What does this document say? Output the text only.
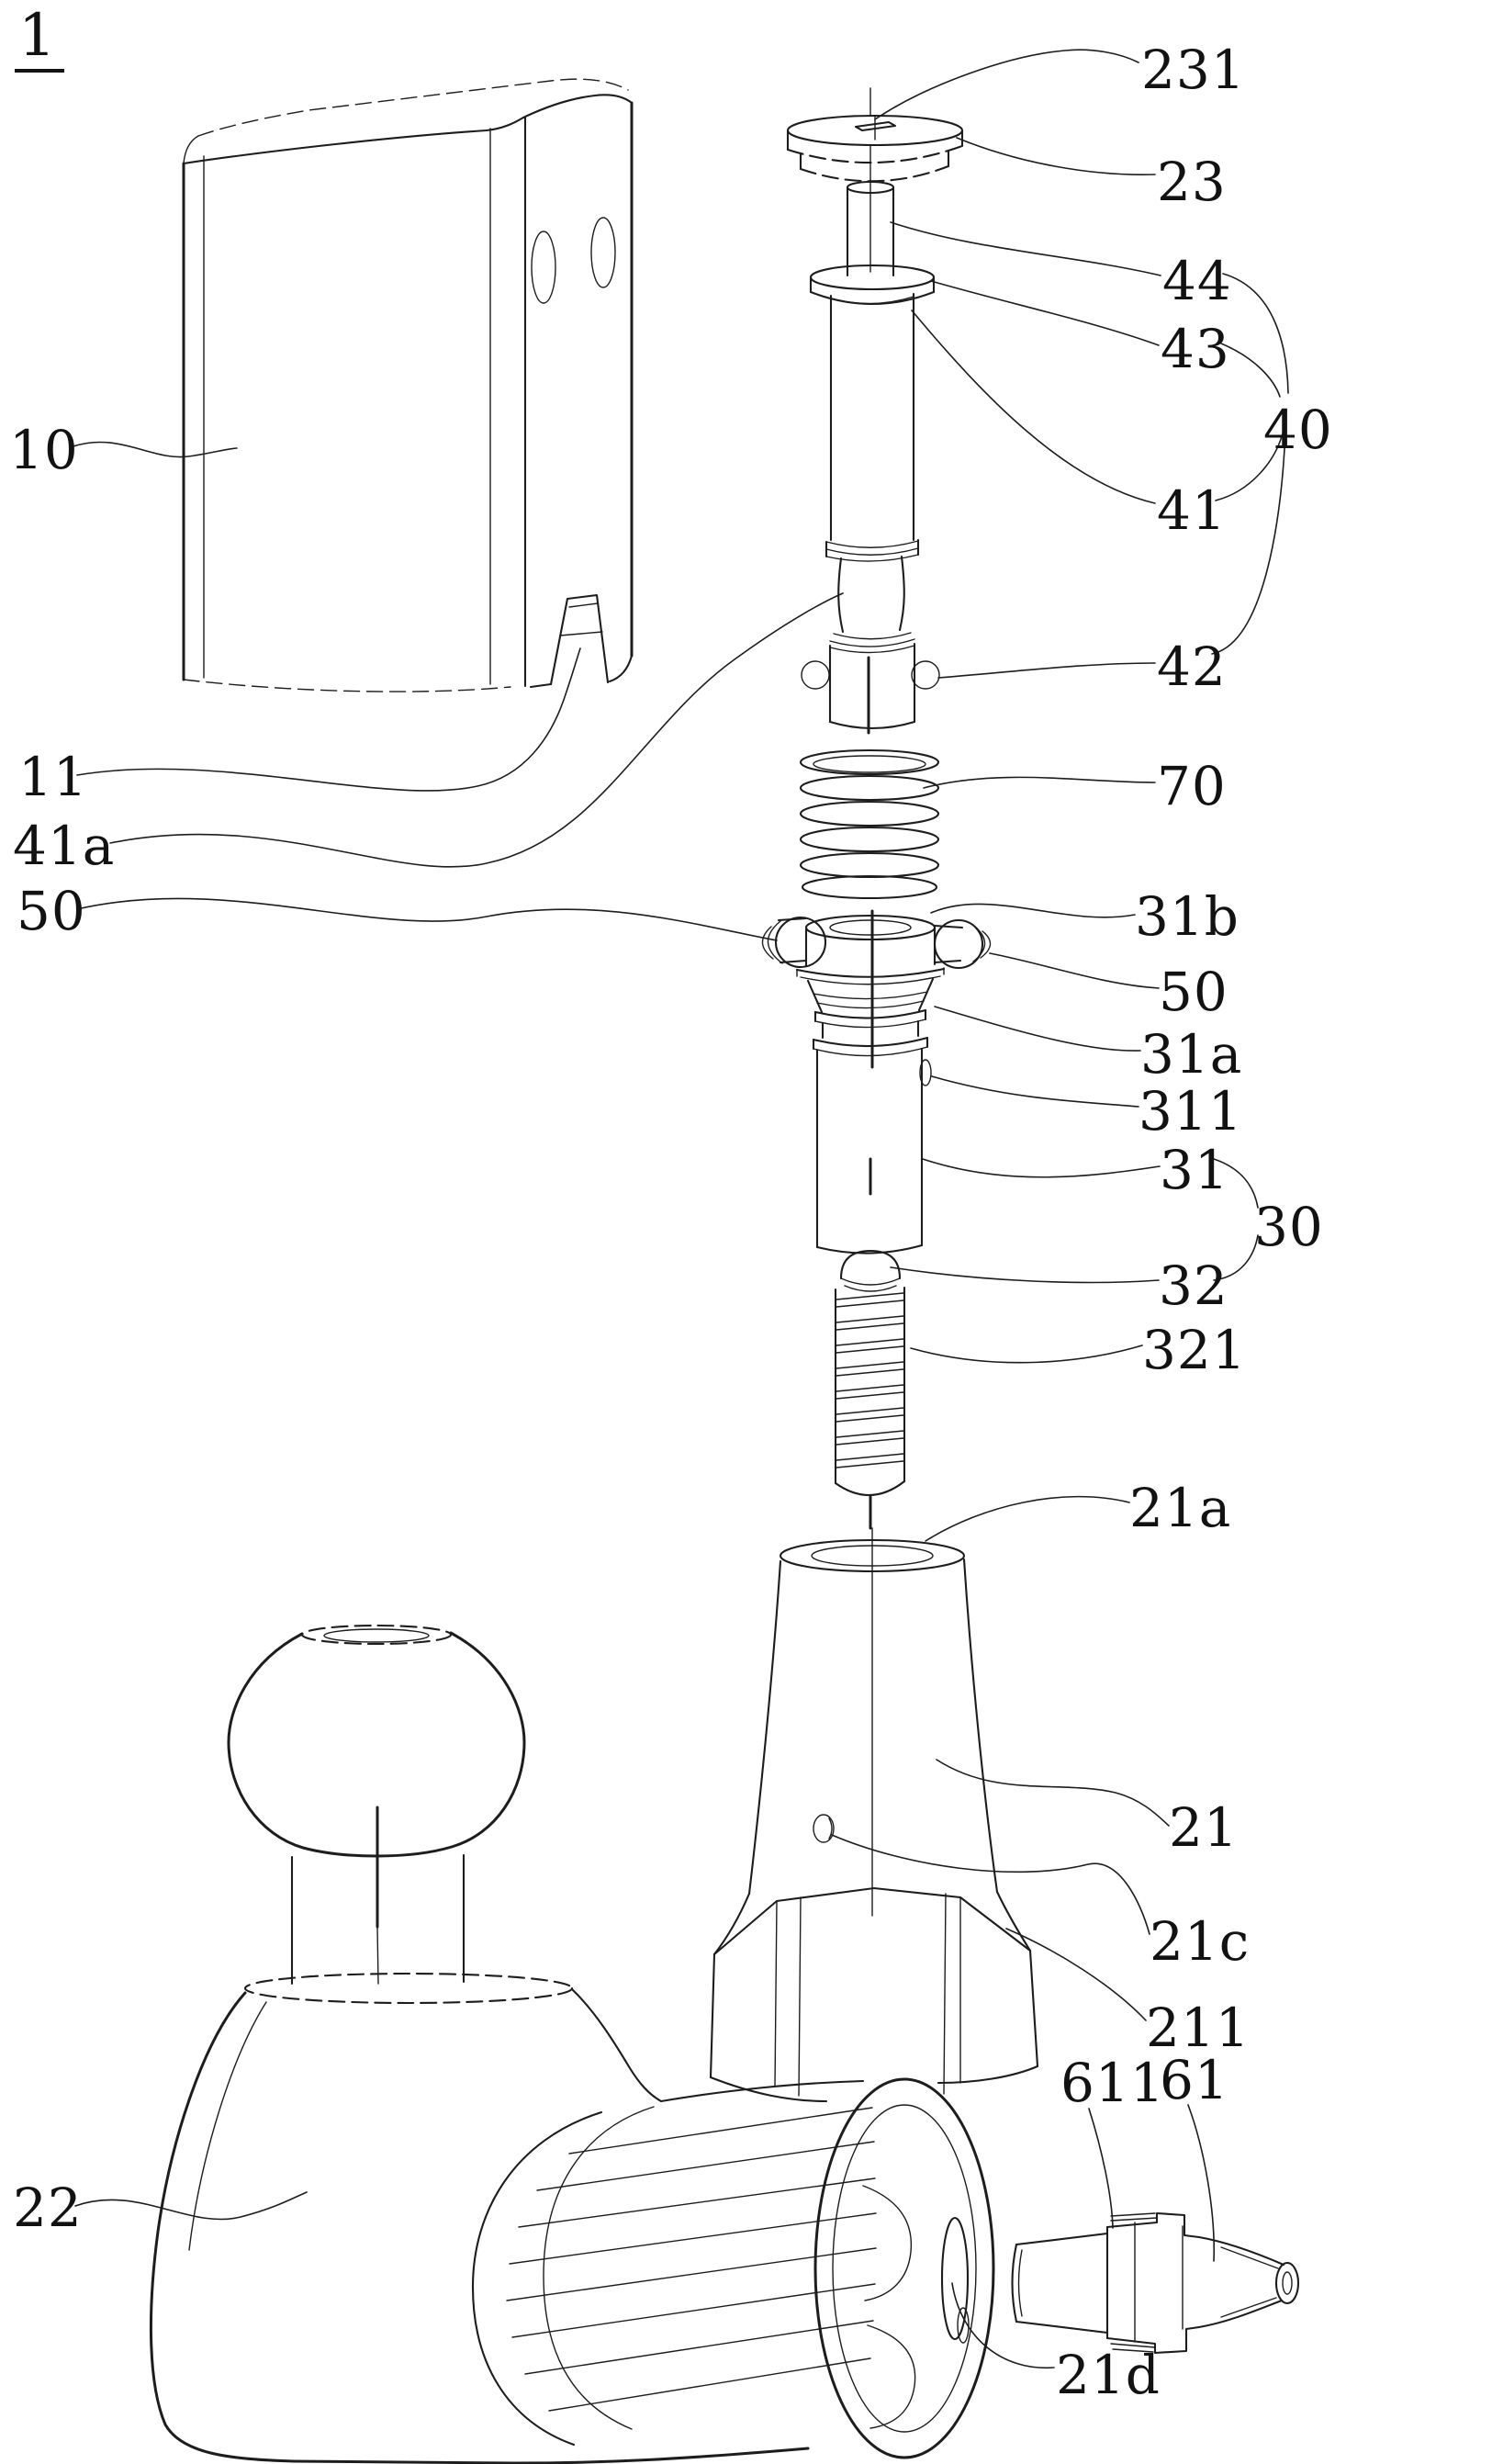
1
10
11
41a
50
22
231
23
44
43
40
41
42
70
31b
50
31a
311
31
30
32
321
21a
21
21c
211
611
61
21d
